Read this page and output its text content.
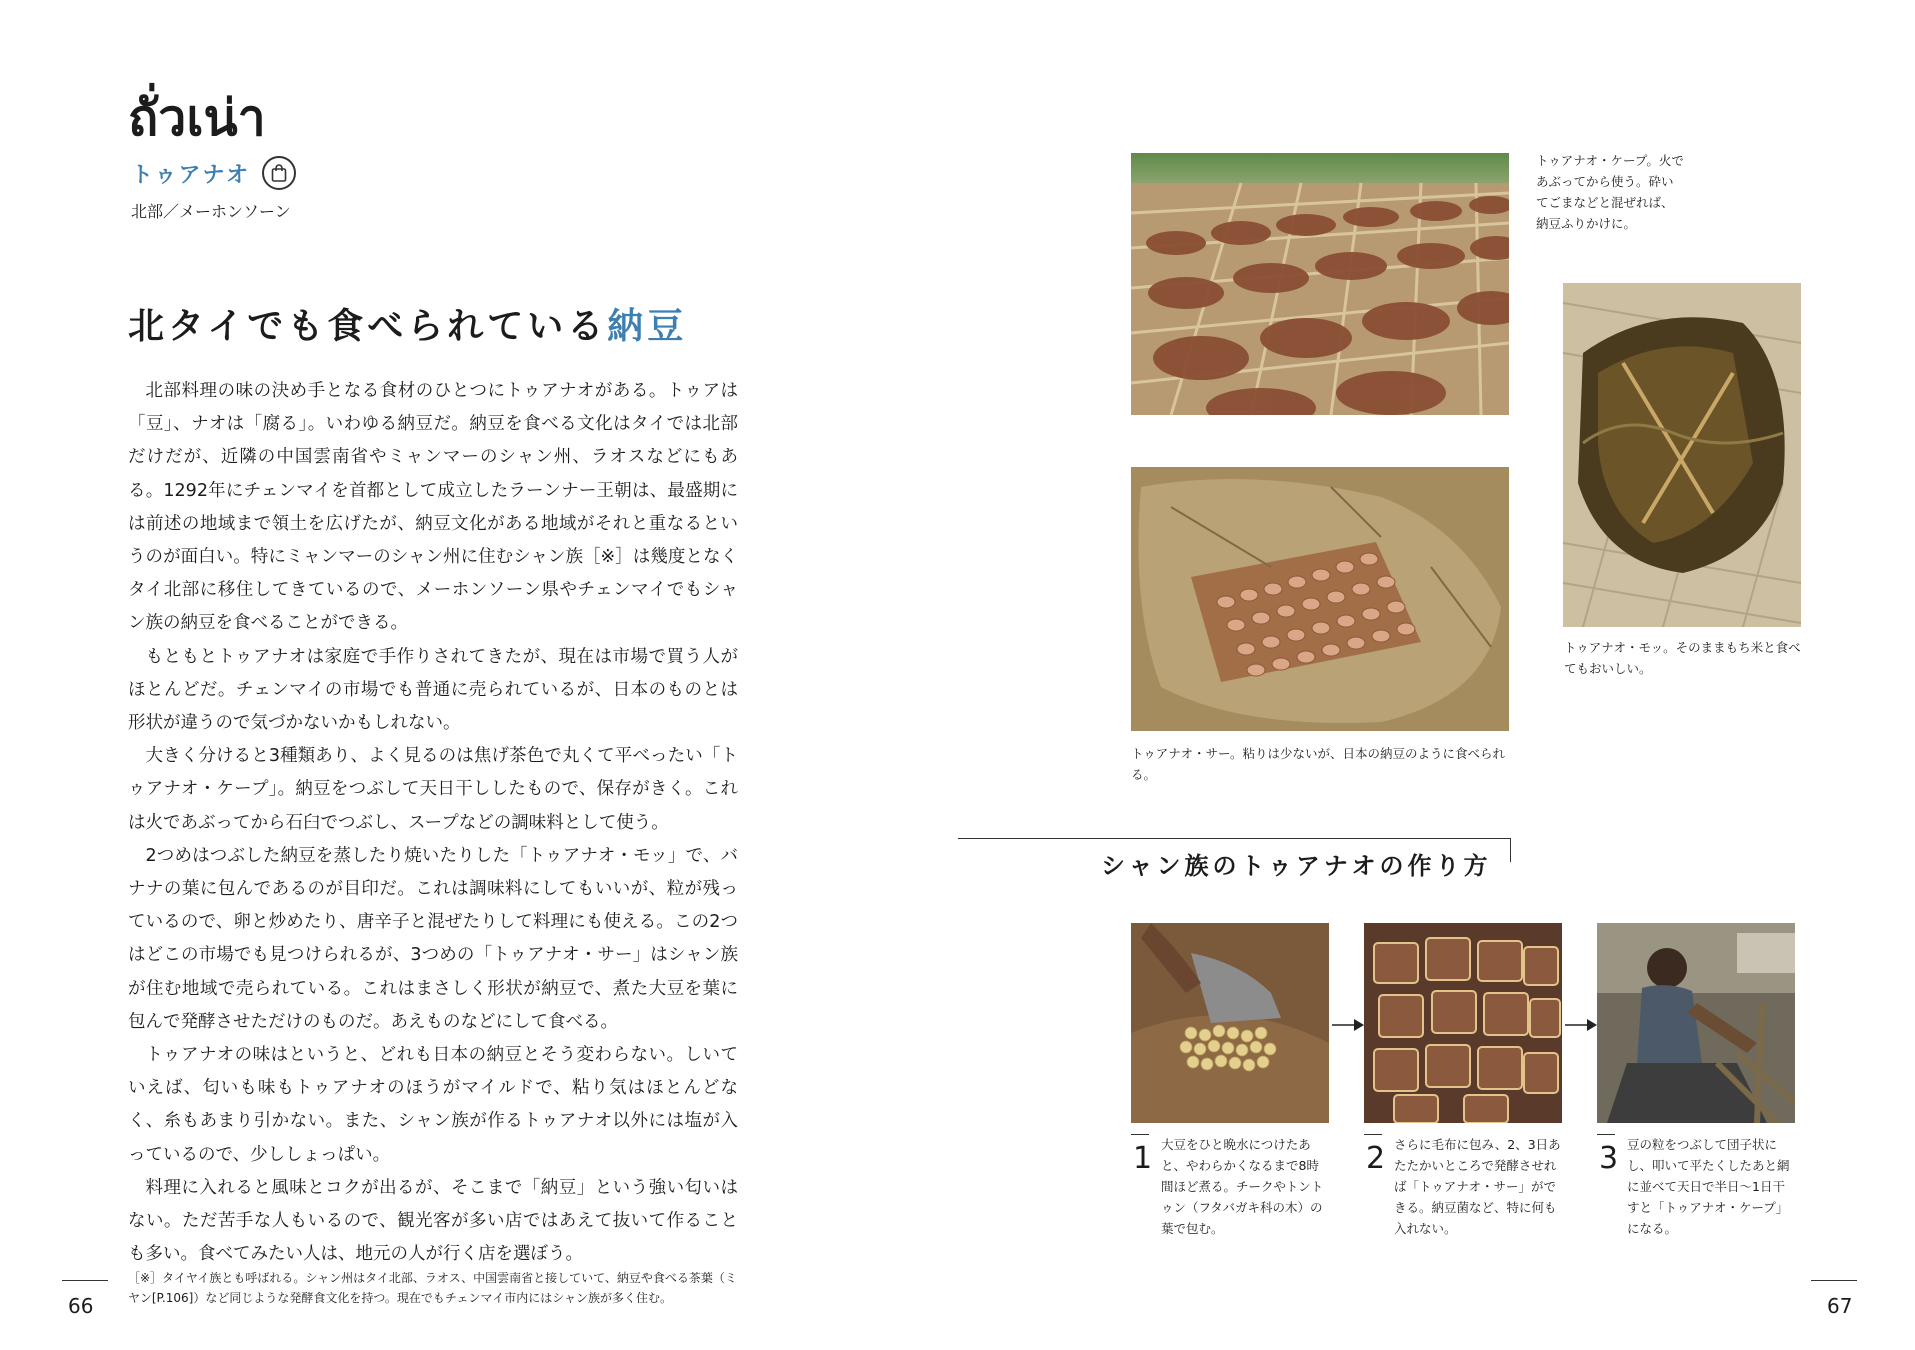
ถั่วเน่า
トゥアナオ
北部／メーホンソーン
北タイでも食べられている納豆

北部料理の味の決め手となる食材のひとつにトゥアナオがある。トゥアは「豆」、ナオは「腐る」。いわゆる納豆だ。納豆を食べる文化はタイでは北部だけだが、近隣の中国雲南省やミャンマーのシャン州、ラオスなどにもある。1292年にチェンマイを首都として成立したラーンナー王朝は、最盛期には前述の地域まで領土を広げたが、納豆文化がある地域がそれと重なるというのが面白い。特にミャンマーのシャン州に住むシャン族［※］は幾度となくタイ北部に移住してきているので、メーホンソーン県やチェンマイでもシャン族の納豆を食べることができる。

もともとトゥアナオは家庭で手作りされてきたが、現在は市場で買う人がほとんどだ。チェンマイの市場でも普通に売られているが、日本のものとは形状が違うので気づかないかもしれない。

大きく分けると3種類あり、よく見るのは焦げ茶色で丸くて平べったい「トゥアナオ・ケープ」。納豆をつぶして天日干ししたもので、保存がきく。これは火であぶってから石臼でつぶし、スープなどの調味料として使う。

2つめはつぶした納豆を蒸したり焼いたりした「トゥアナオ・モッ」で、バナナの葉に包んであるのが目印だ。これは調味料にしてもいいが、粒が残っているので、卵と炒めたり、唐辛子と混ぜたりして料理にも使える。この2つはどこの市場でも見つけられるが、3つめの「トゥアナオ・サー」はシャン族が住む地域で売られている。これはまさしく形状が納豆で、煮た大豆を葉に包んで発酵させただけのものだ。あえものなどにして食べる。

トゥアナオの味はというと、どれも日本の納豆とそう変わらない。しいていえば、匂いも味もトゥアナオのほうがマイルドで、粘り気はほとんどなく、糸もあまり引かない。また、シャン族が作るトゥアナオ以外には塩が入っているので、少ししょっぱい。

料理に入れると風味とコクが出るが、そこまで「納豆」という強い匂いはない。ただ苦手な人もいるので、観光客が多い店ではあえて抜いて作ることも多い。食べてみたい人は、地元の人が行く店を選ぼう。

［※］タイヤイ族とも呼ばれる。シャン州はタイ北部、ラオス、中国雲南省と接していて、納豆や食べる茶葉（ミヤン[P.106]）など同じような発酵食文化を持つ。現在でもチェンマイ市内にはシャン族が多く住む。
66
トゥアナオ・ケープ。火であぶってから使う。砕いてごまなどと混ぜれば、納豆ふりかけに。
トゥアナオ・モッ。そのままもち米と食べてもおいしい。
トゥアナオ・サー。粘りは少ないが、日本の納豆のように食べられる。
シャン族のトゥアナオの作り方
1 大豆をひと晩水につけたあと、やわらかくなるまで8時間ほど煮る。チークやトントゥン（フタバガキ科の木）の葉で包む。
2 さらに毛布に包み、2、3日あたたかいところで発酵させれば「トゥアナオ・サー」ができる。納豆菌など、特に何も入れない。
3 豆の粒をつぶして団子状にし、叩いて平たくしたあと網に並べて天日で半日〜1日干すと「トゥアナオ・ケープ」になる。
67
